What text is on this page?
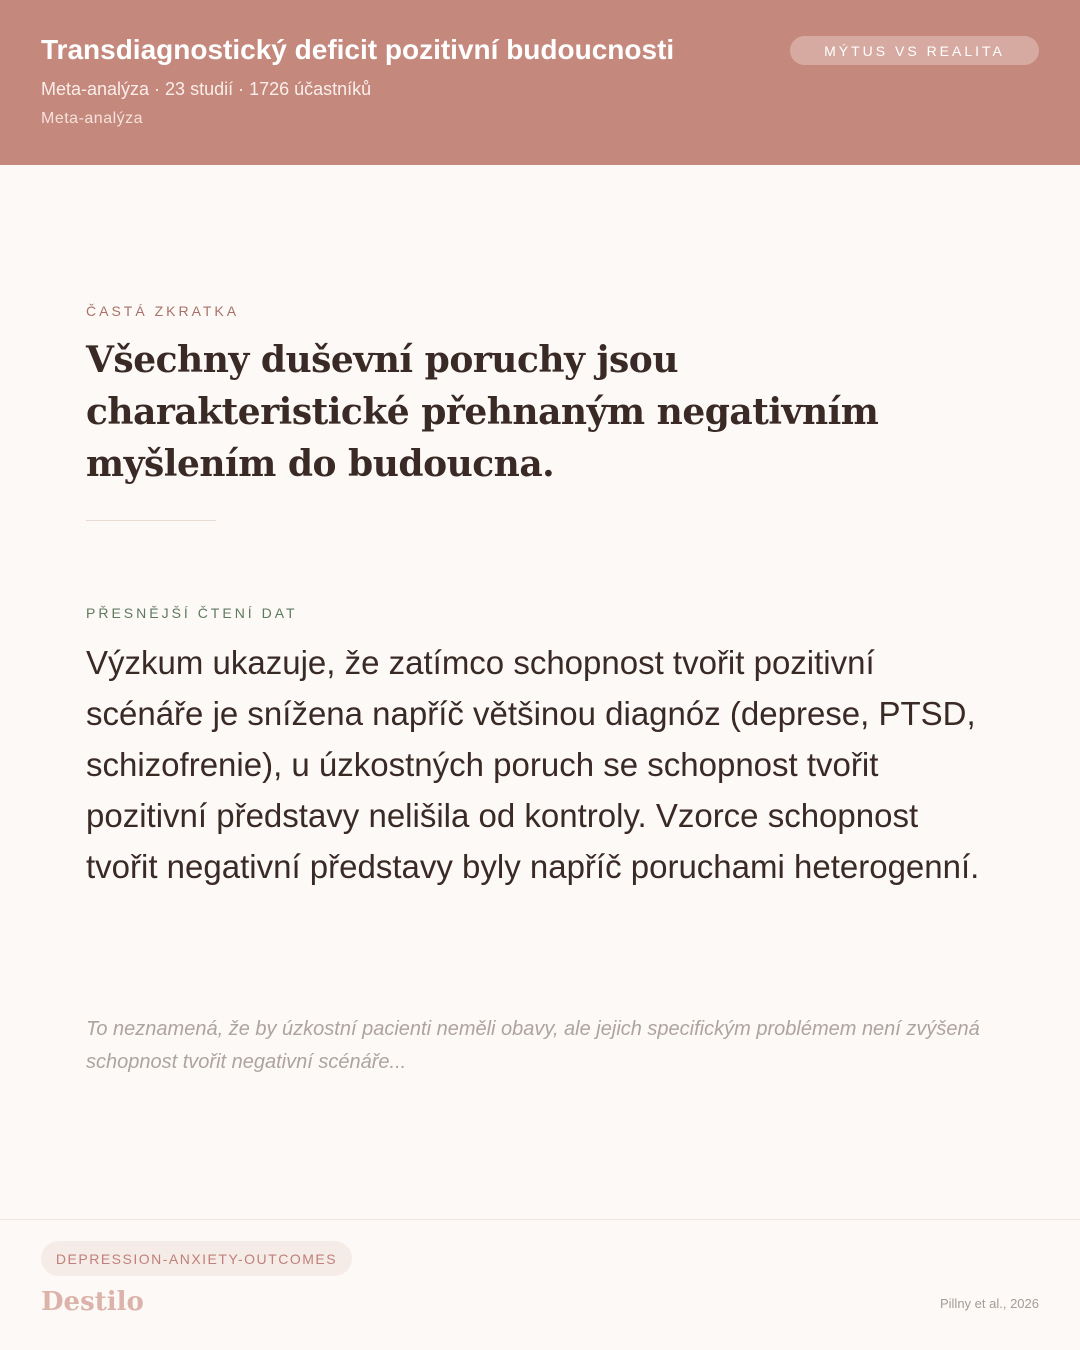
Transdiagnostický deficit pozitivní budoucnosti
Meta-analýza · 23 studií · 1726 účastníků
Meta-analýza
MÝTUS VS REALITA
ČASTÁ ZKRATKA
Všechny duševní poruchy jsou charakteristické přehnaným negativním myšlením do budoucna.
PŘESNĚJŠÍ ČTENÍ DAT
Výzkum ukazuje, že zatímco schopnost tvořit pozitivní scénáře je snížena napříč většinou diagnóz (deprese, PTSD, schizofrenie), u úzkostných poruch se schopnost tvořit pozitivní představy nelišila od kontroly. Vzorce schopnost tvořit negativní představy byly napříč poruchami heterogenní.
To neznamená, že by úzkostní pacienti neměli obavy, ale jejich specifickým problémem není zvýšená schopnost tvořit negativní scénáře...
DEPRESSION-ANXIETY-OUTCOMES
Destilo	Pillny et al., 2026
